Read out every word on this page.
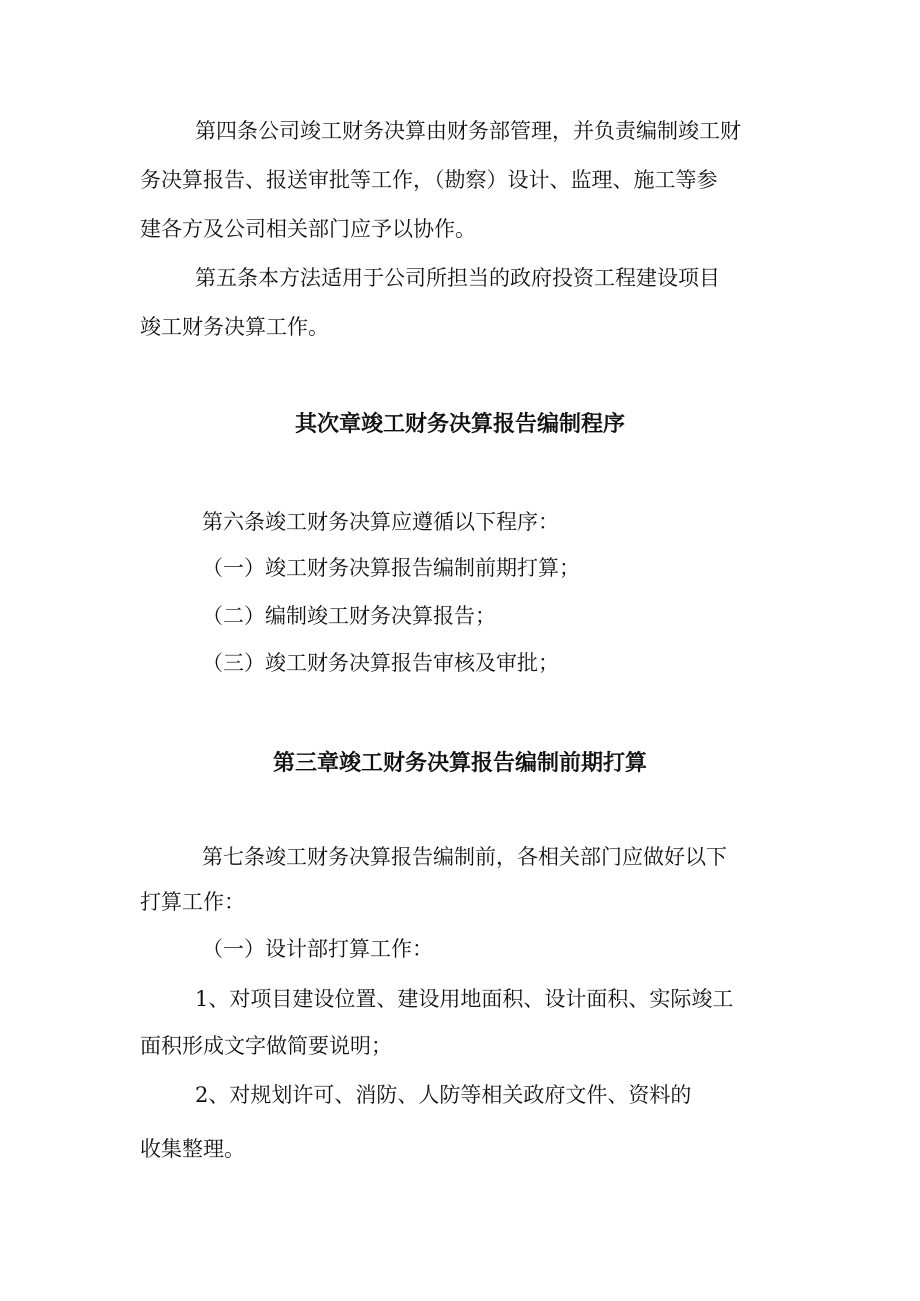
第四条公司竣工财务决算由财务部管理，并负责编制竣工财
务决算报告、报送审批等工作，（勘察）设计、监理、施工等参
建各方及公司相关部门应予以协作。
第五条本方法适用于公司所担当的政府投资工程建设项目
竣工财务决算工作。
其次章竣工财务决算报告编制程序
第六条竣工财务决算应遵循以下程序：
（一）竣工财务决算报告编制前期打算；
（二）编制竣工财务决算报告；
（三）竣工财务决算报告审核及审批；
第三章竣工财务决算报告编制前期打算
第七条竣工财务决算报告编制前，各相关部门应做好以下
打算工作：
（一）设计部打算工作：
1、对项目建设位置、建设用地面积、设计面积、实际竣工
面积形成文字做简要说明；
2、对规划许可、消防、人防等相关政府文件、资料的
收集整理。
